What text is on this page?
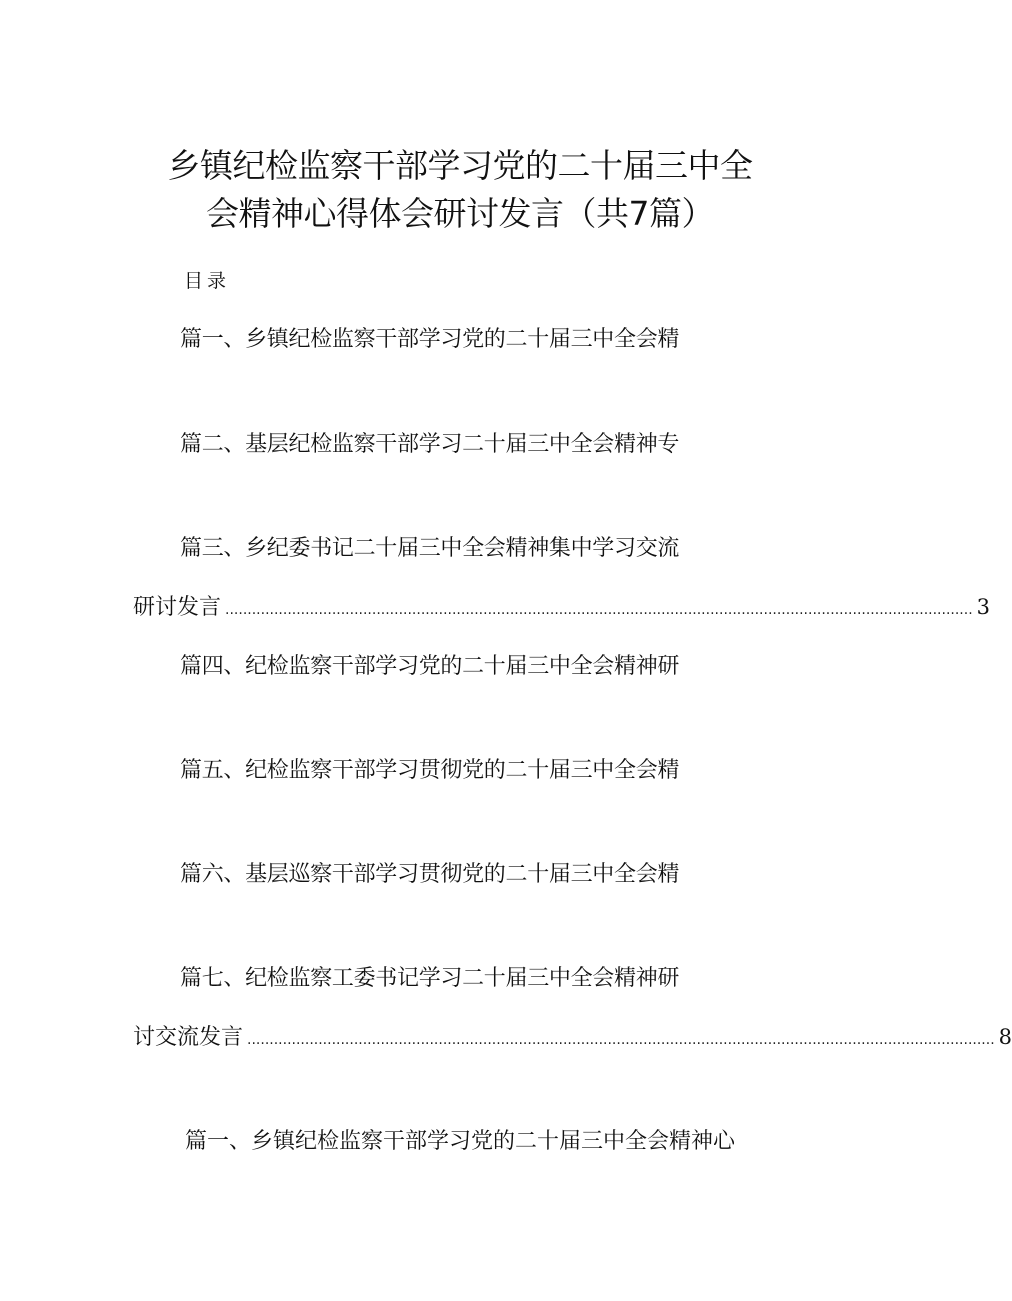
乡镇纪检监察干部学习党的二十届三中全
会精神心得体会研讨发言（共7篇）
目录
篇一、乡镇纪检监察干部学习党的二十届三中全会精
篇二、基层纪检监察干部学习二十届三中全会精神专
篇三、乡纪委书记二十届三中全会精神集中学习交流
研讨发言 ........................................................................................................................................................................ 3
篇四、纪检监察干部学习党的二十届三中全会精神研
篇五、纪检监察干部学习贯彻党的二十届三中全会精
篇六、基层巡察干部学习贯彻党的二十届三中全会精
篇七、纪检监察工委书记学习二十届三中全会精神研
讨交流发言 ........................................................................................................................................................................ 8
篇一、乡镇纪检监察干部学习党的二十届三中全会精神心
